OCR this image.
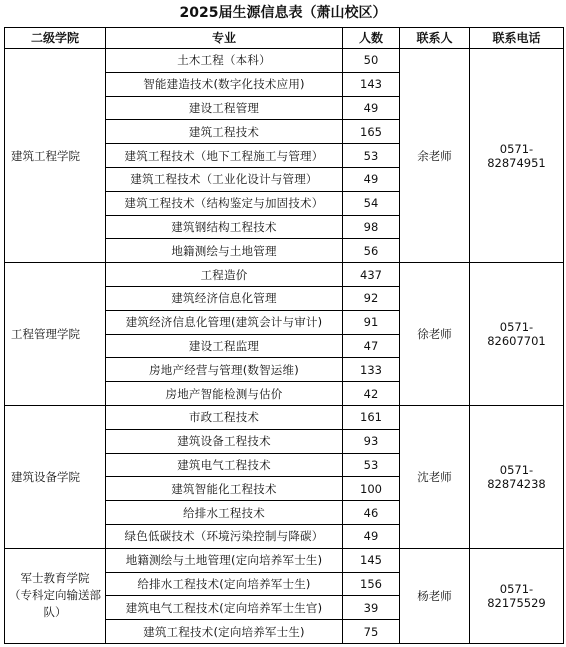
2025届生源信息表（萧山校区）
二级学院	专业	人数	联系人	联系电话
建筑工程学院	土木工程（本科）	50	余老师	0571-82874951
	智能建造技术(数字化技术应用)	143		
	建设工程管理	49		
	建筑工程技术	165		
	建筑工程技术（地下工程施工与管理）	53		
	建筑工程技术（工业化设计与管理）	49		
	建筑工程技术（结构鉴定与加固技术）	54		
	建筑钢结构工程技术	98		
	地籍测绘与土地管理	56		
工程管理学院	工程造价	437	徐老师	0571-82607701
	建筑经济信息化管理	92		
	建筑经济信息化管理(建筑会计与审计)	91		
	建设工程监理	47		
	房地产经营与管理(数智运维)	133		
	房地产智能检测与估价	42		
建筑设备学院	市政工程技术	161	沈老师	0571-82874238
	建筑设备工程技术	93		
	建筑电气工程技术	53		
	建筑智能化工程技术	100		
	给排水工程技术	46		
	绿色低碳技术（环境污染控制与降碳）	49		

军士教育学院
（专科定向输送部队）	地籍测绘与土地管理(定向培养军士生)	145	杨老师	0571-82175529
	给排水工程技术(定向培养军士生)	156		
	建筑电气工程技术(定向培养军士生官)	39		
	建筑工程技术(定向培养军士生)	75		
